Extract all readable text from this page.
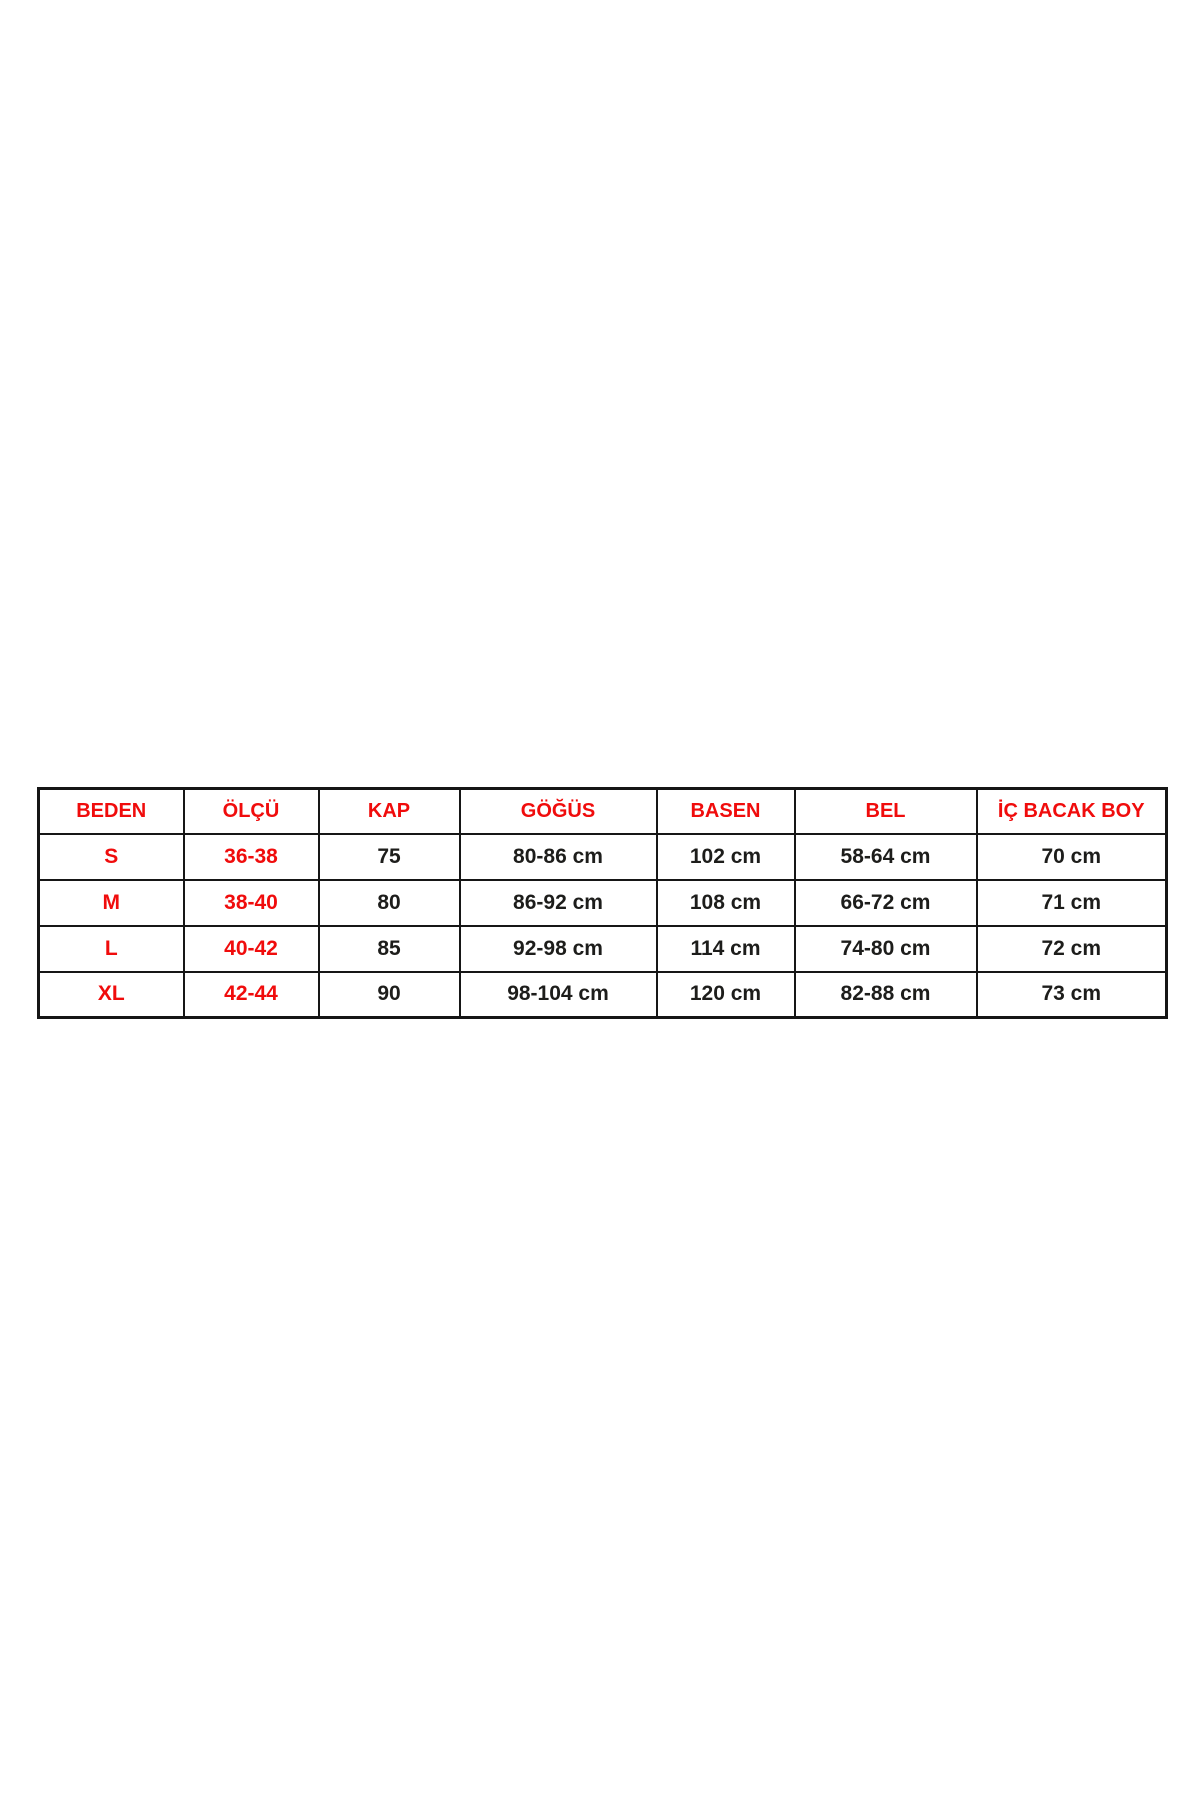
BEDEN	ÖLÇÜ	KAP	GÖĞÜS	BASEN	BEL	İÇ BACAK BOY
S	36-38	75	80-86 cm	102 cm	58-64 cm	70 cm
M	38-40	80	86-92 cm	108 cm	66-72 cm	71 cm
L	40-42	85	92-98 cm	114 cm	74-80 cm	72 cm
XL	42-44	90	98-104 cm	120 cm	82-88 cm	73 cm
